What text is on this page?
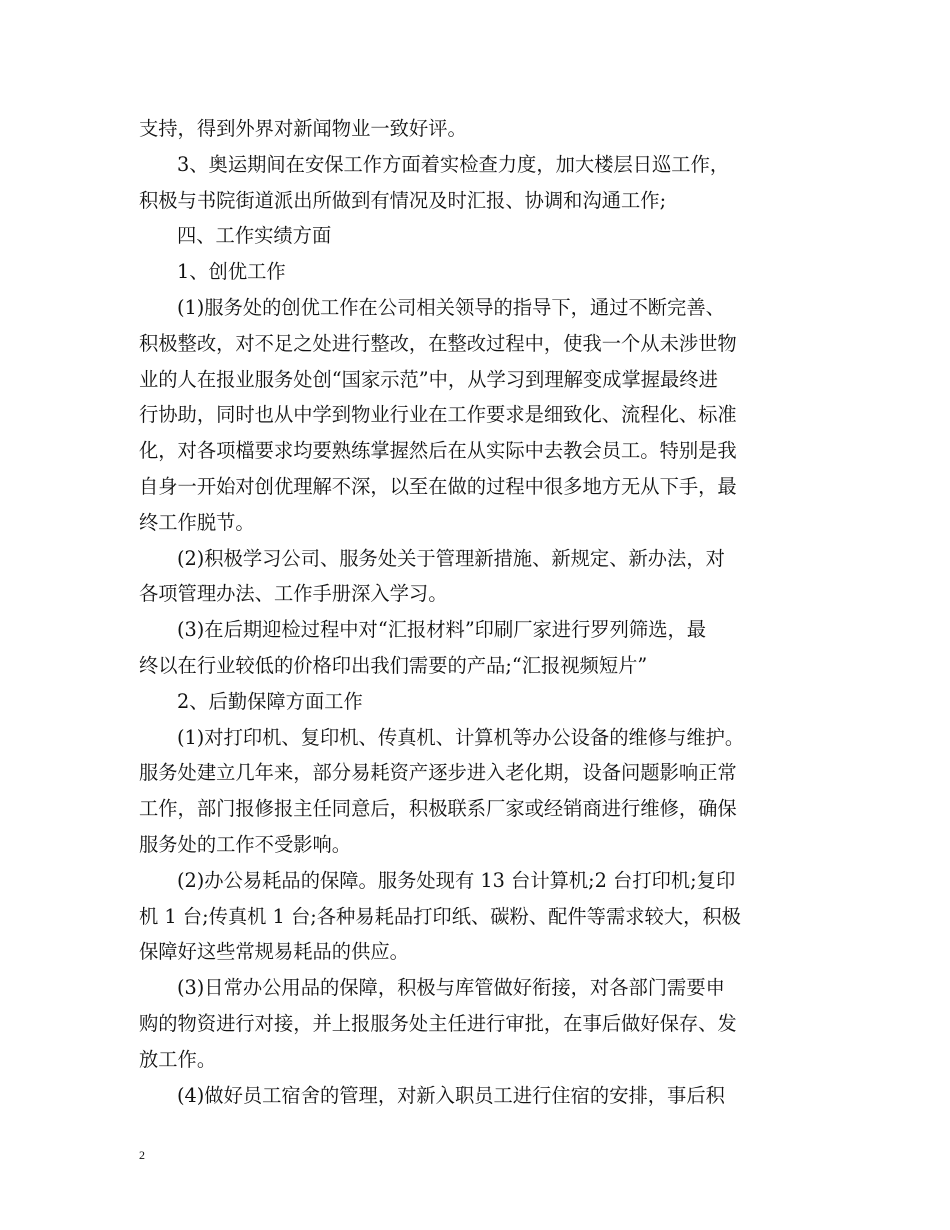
支持，得到外界对新闻物业一致好评。
3、奥运期间在安保工作方面着实检查力度，加大楼层日巡工作，
积极与书院街道派出所做到有情况及时汇报、协调和沟通工作;
四、工作实绩方面
1、创优工作
(1)服务处的创优工作在公司相关领导的指导下，通过不断完善、
积极整改，对不足之处进行整改，在整改过程中，使我一个从未涉世物
业的人在报业服务处创“国家示范”中，从学习到理解变成掌握最终进
行协助，同时也从中学到物业行业在工作要求是细致化、流程化、标准
化，对各项檔要求均要熟练掌握然后在从实际中去教会员工。特别是我
自身一开始对创优理解不深，以至在做的过程中很多地方无从下手，最
终工作脱节。
(2)积极学习公司、服务处关于管理新措施、新规定、新办法，对
各项管理办法、工作手册深入学习。
(3)在后期迎检过程中对“汇报材料”印刷厂家进行罗列筛选，最
终以在行业较低的价格印出我们需要的产品;“汇报视频短片”
2、后勤保障方面工作
(1)对打印机、复印机、传真机、计算机等办公设备的维修与维护。
服务处建立几年来，部分易耗资产逐步进入老化期，设备问题影响正常
工作，部门报修报主任同意后，积极联系厂家或经销商进行维修，确保
服务处的工作不受影响。
(2)办公易耗品的保障。服务处现有 13 台计算机;2 台打印机;复印
机 1 台;传真机 1 台;各种易耗品打印纸、碳粉、配件等需求较大，积极
保障好这些常规易耗品的供应。
(3)日常办公用品的保障，积极与库管做好衔接，对各部门需要申
购的物资进行对接，并上报服务处主任进行审批，在事后做好保存、发
放工作。
(4)做好员工宿舍的管理，对新入职员工进行住宿的安排，事后积
2
